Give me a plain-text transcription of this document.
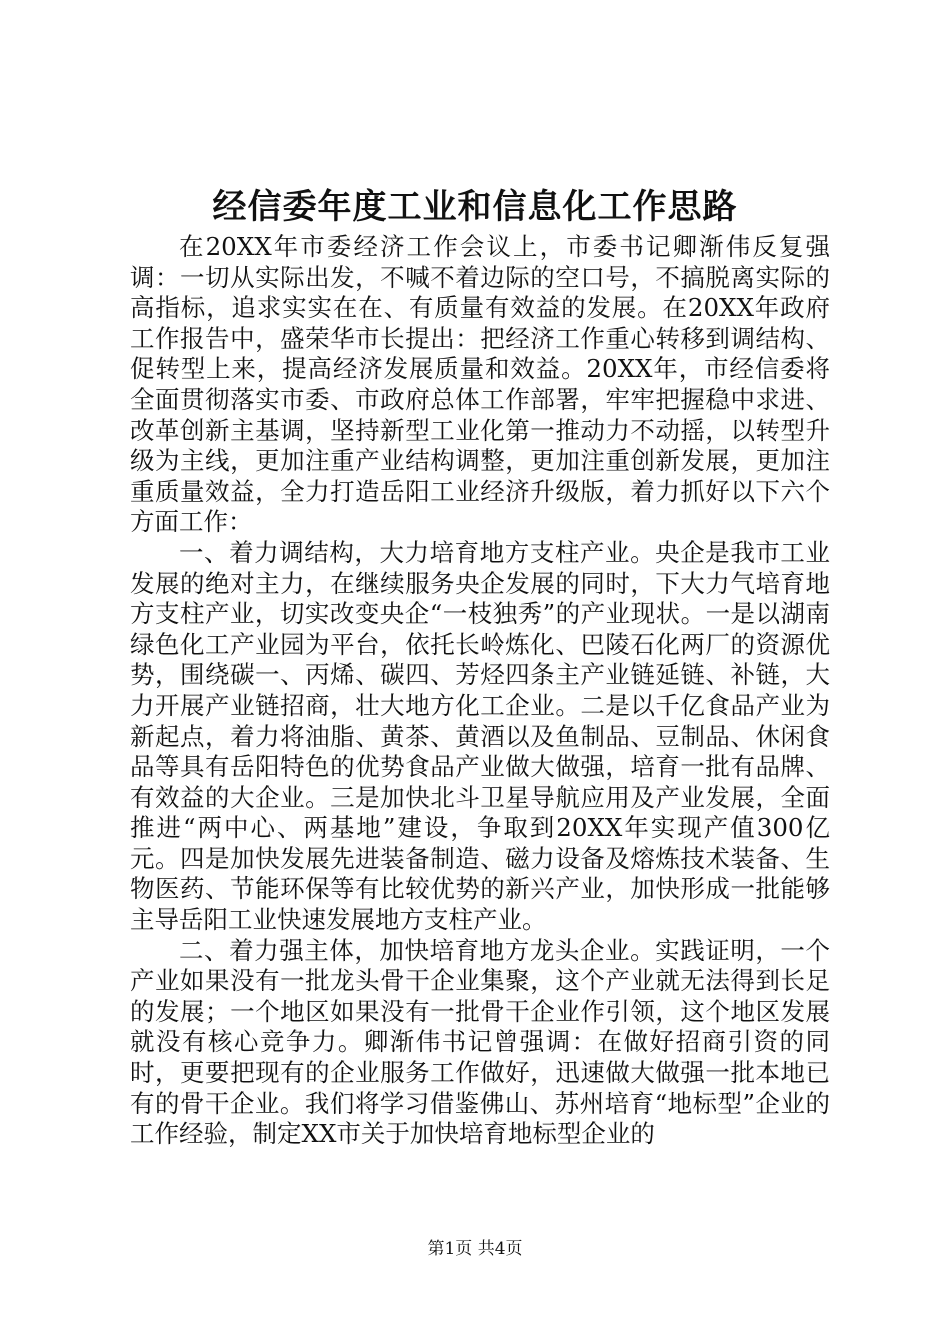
经信委年度工业和信息化工作思路

在20XX年市委经济工作会议上，市委书记卿渐伟反复强调：一切从实际出发，不喊不着边际的空口号，不搞脱离实际的高指标，追求实实在在、有质量有效益的发展。在20XX年政府工作报告中，盛荣华市长提出：把经济工作重心转移到调结构、促转型上来，提高经济发展质量和效益。20XX年，市经信委将全面贯彻落实市委、市政府总体工作部署，牢牢把握稳中求进、改革创新主基调，坚持新型工业化第一推动力不动摇，以转型升级为主线，更加注重产业结构调整，更加注重创新发展，更加注重质量效益，全力打造岳阳工业经济升级版，着力抓好以下六个方面工作：

一、着力调结构，大力培育地方支柱产业。央企是我市工业发展的绝对主力，在继续服务央企发展的同时，下大力气培育地方支柱产业，切实改变央企“一枝独秀”的产业现状。一是以湖南绿色化工产业园为平台，依托长岭炼化、巴陵石化两厂的资源优势，围绕碳一、丙烯、碳四、芳烃四条主产业链延链、补链，大力开展产业链招商，壮大地方化工企业。二是以千亿食品产业为新起点，着力将油脂、黄茶、黄酒以及鱼制品、豆制品、休闲食品等具有岳阳特色的优势食品产业做大做强，培育一批有品牌、有效益的大企业。三是加快北斗卫星导航应用及产业发展，全面推进“两中心、两基地”建设，争取到20XX年实现产值300亿元。四是加快发展先进装备制造、磁力设备及熔炼技术装备、生物医药、节能环保等有比较优势的新兴产业，加快形成一批能够主导岳阳工业快速发展地方支柱产业。

二、着力强主体，加快培育地方龙头企业。实践证明，一个产业如果没有一批龙头骨干企业集聚，这个产业就无法得到长足的发展；一个地区如果没有一批骨干企业作引领，这个地区发展就没有核心竞争力。卿渐伟书记曾强调：在做好招商引资的同时，更要把现有的企业服务工作做好，迅速做大做强一批本地已有的骨干企业。我们将学习借鉴佛山、苏州培育“地标型”企业的工作经验，制定XX市关于加快培育地标型企业的

第1页 共4页
